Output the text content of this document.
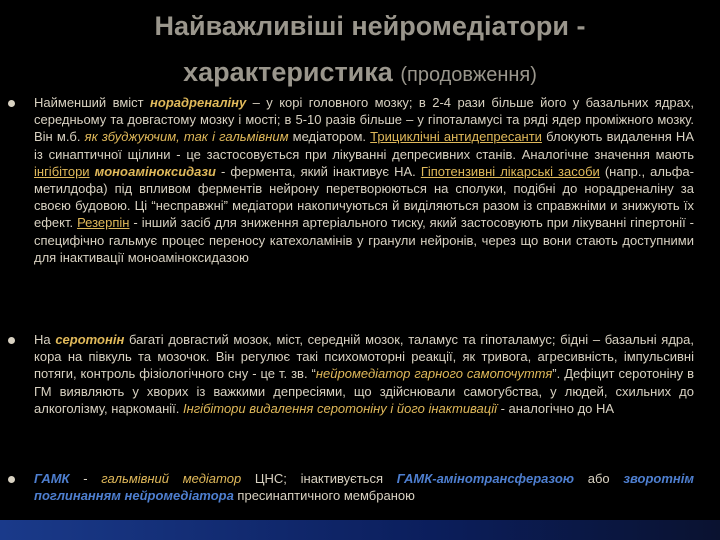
Найважливіші нейромедіатори -
характеристика (продовження)
Найменший вміст норадреналіну – у корі головного мозку; в 2-4 рази більше його у базальних ядрах, середньому та довгастому мозку і мості; в 5-10 разів більше – у гіпоталамусі та ряді ядер проміжного мозку. Він м.б. як збуджуючим, так і гальмівним медіатором. Трициклічні антидепресанти блокують видалення НА із синаптичної щілини - це застосовується при лікуванні депресивних станів. Аналогічне значення мають інгібітори моноаміноксидази - фермента, який інактивує НА. Гіпотензивні лікарські засоби (напр., альфа-метилдофа) під впливом ферментів нейрону перетворюються на сполуки, подібні до норадреналіну за своєю будовою. Ці “несправжні” медіатори накопичуються й виділяються разом із справжніми и знижують їх ефект. Резерпін - інший засіб для зниження артеріального тиску, який застосовують при лікуванні гіпертонії - специфічно гальмує процес переносу катехоламінів у гранули нейронів, через що вони стають доступними для інактивації моноаміноксидазою
На серотонін багаті довгастий мозок, міст, середній мозок, таламус та гіпоталамус; бідні – базальні ядра, кора на півкуль та мозочок. Він регулює такі психомоторні реакції, як тривога, агресивність, імпульсивні потяги, контроль фізіологічного сну - це т. зв. “нейромедіатор гарного самопочуття”. Дефіцит серотоніну в ГМ виявляють у хворих із важкими депресіями, що здійснювали самогубства, у людей, схильних до алкоголізму, наркоманії. Інгібітори видалення серотоніну і його інактивації - аналогічно до НА
ГАМК - гальмівний медіатор ЦНС; інактивується ГАМК-амінотрансферазою або зворотнім поглинанням нейромедіатора пресинаптичного мембраною
